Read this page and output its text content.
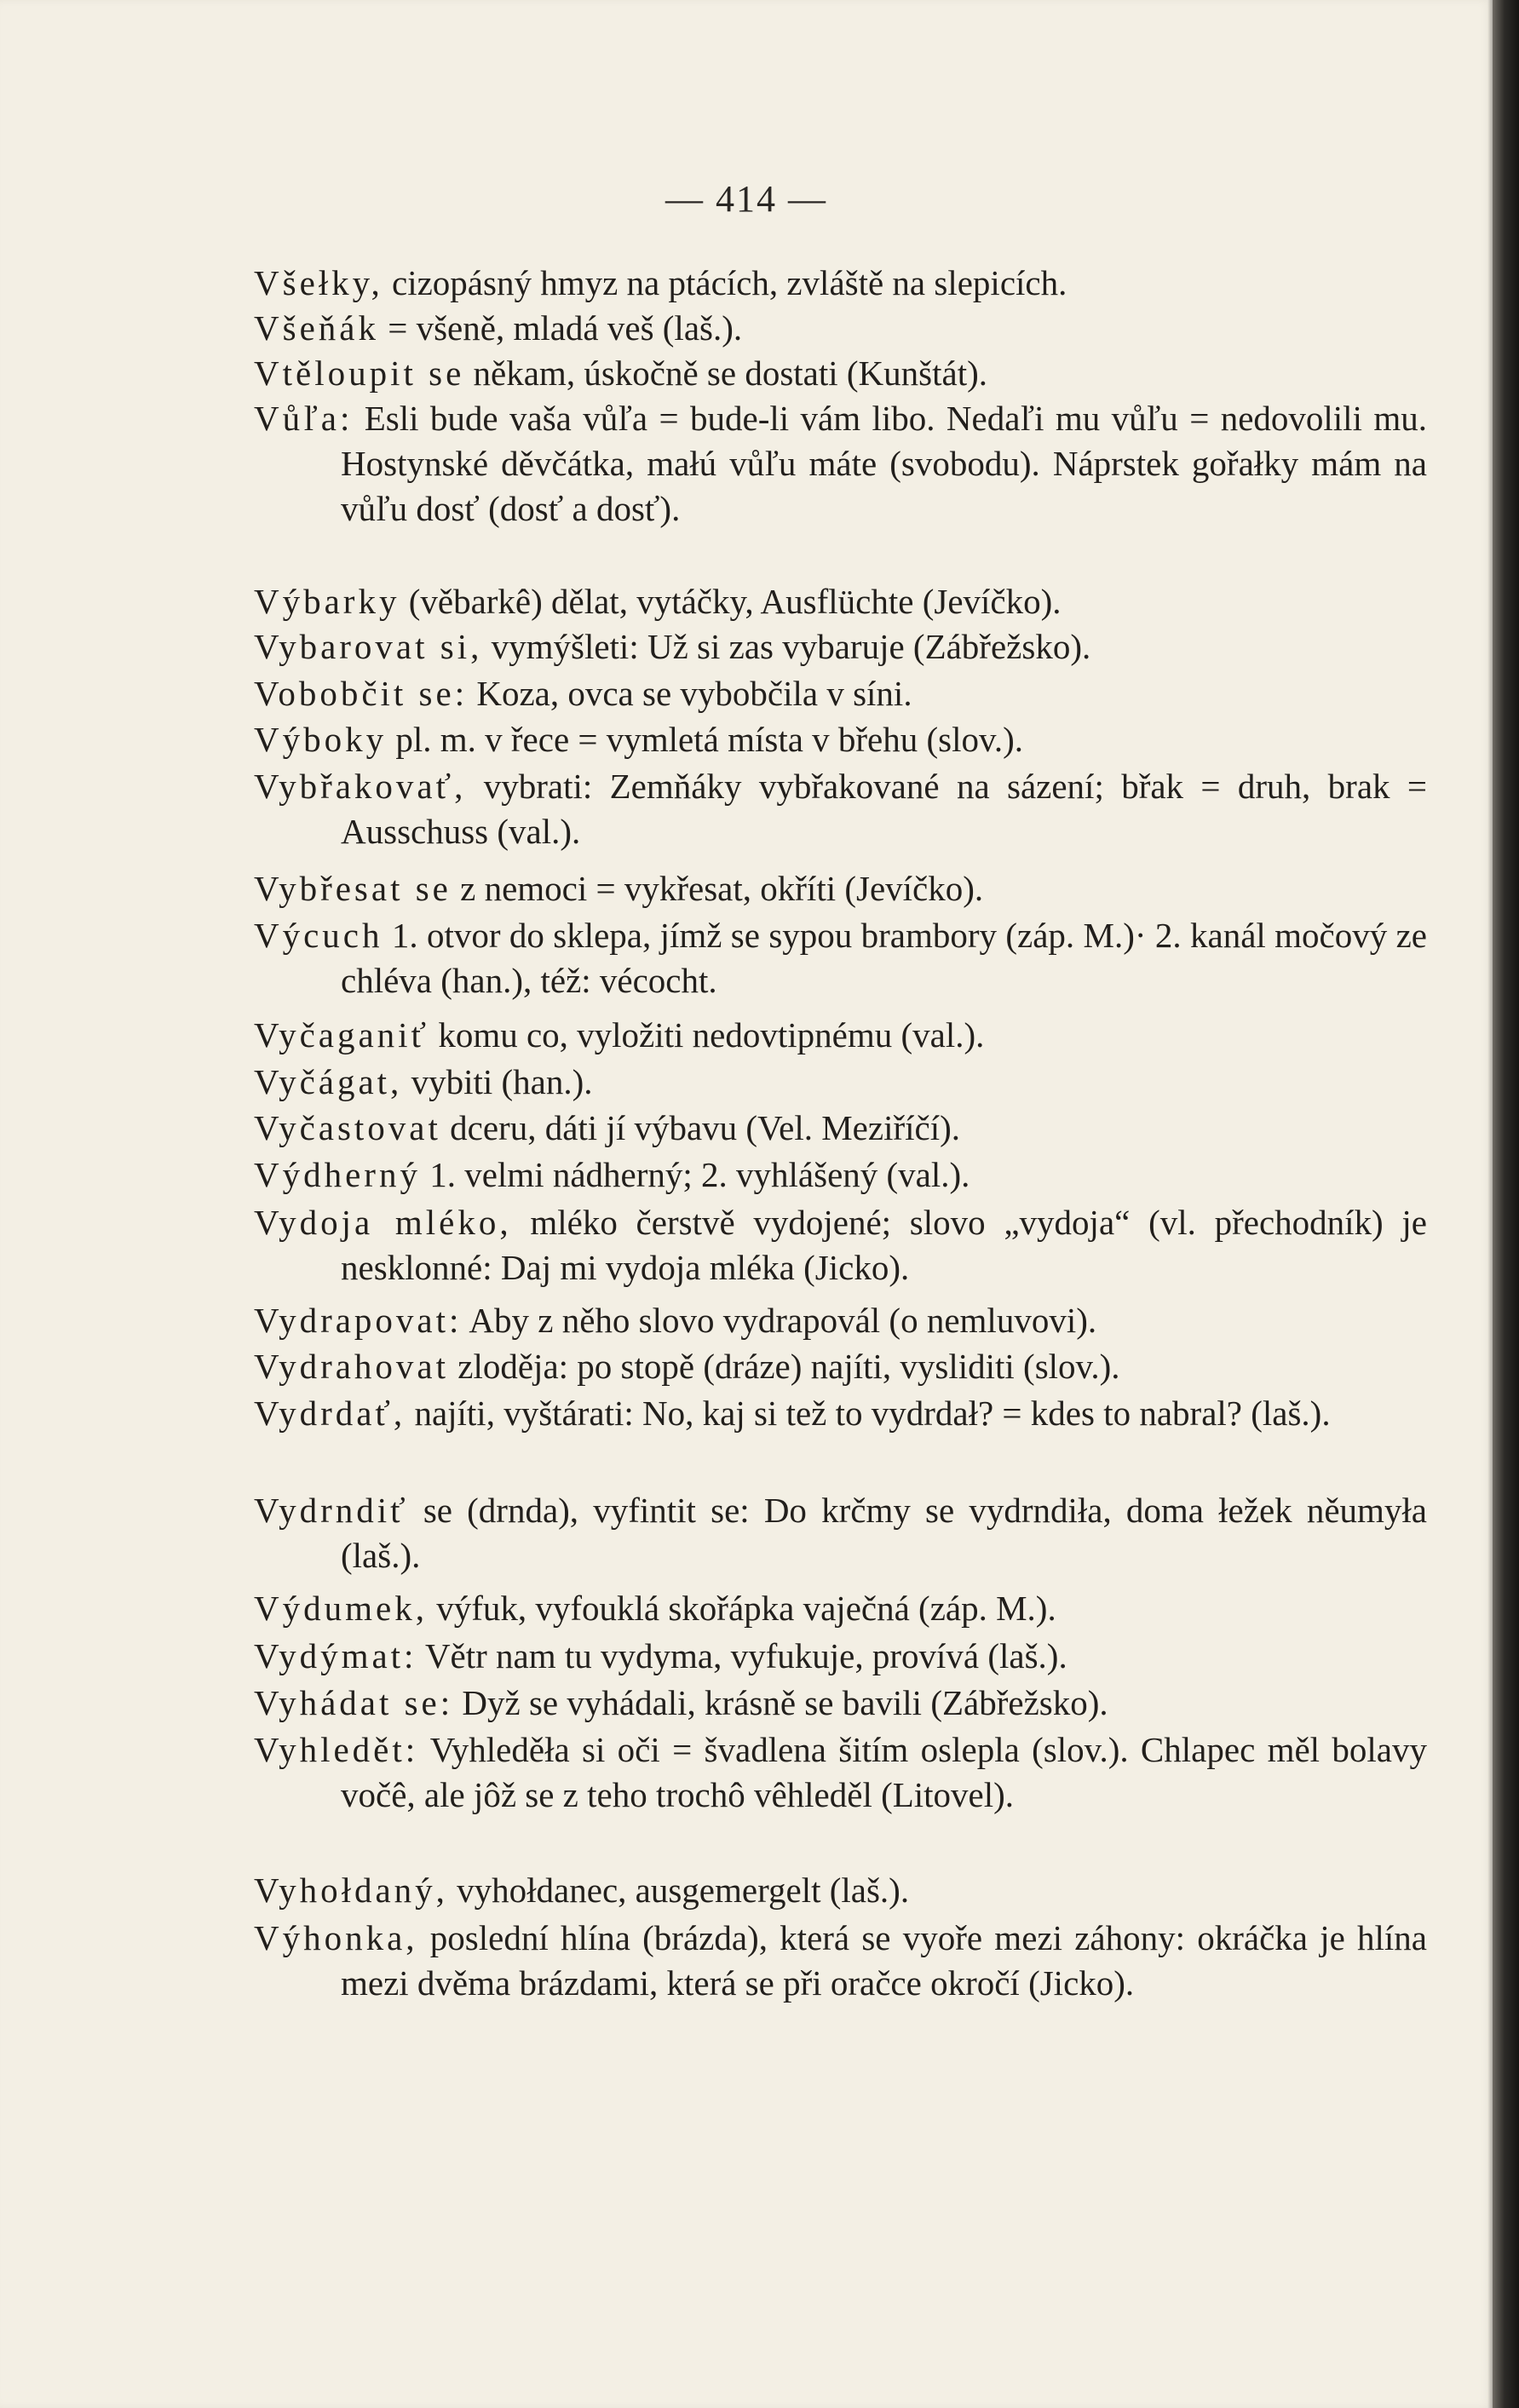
— 414 —
Všełky, cizopásný hmyz na ptácích, zvláště na slepicích.
Všeňák = všeně, mladá veš (laš.).
Vtěloupit se někam, úskočně se dostati (Kunštát).
Vůľa: Esli bude vaša vůľa = bude-li vám libo. Nedaľi mu vůľu = nedovolili mu. Hostynské děvčátka, małú vůľu máte (svobodu). Náprstek gořałky mám na vůľu dosť (dosť a dosť).
Výbarky (věbarkê) dělat, vytáčky, Ausflüchte (Jevíčko).
Vybarovat si, vymýšleti: Už si zas vybaruje (Zábřežsko).
Vobobčit se: Koza, ovca se vybobčila v síni.
Výboky pl. m. v řece = vymletá místa v břehu (slov.).
Vybřakovať, vybrati: Zemňáky vybřakované na sázení; břak = druh, brak = Ausschuss (val.).
Vybřesat se z nemoci = vykřesat, okříti (Jevíčko).
Výcuch 1. otvor do sklepa, jímž se sypou brambory (záp. M.)· 2. kanál močový ze chléva (han.), též: vécocht.
Vyčaganiť komu co, vyložiti nedovtipnému (val.).
Vyčágat, vybiti (han.).
Vyčastovat dceru, dáti jí výbavu (Vel. Meziříčí).
Výdherný 1. velmi nádherný; 2. vyhlášený (val.).
Vydoja mléko, mléko čerstvě vydojené; slovo „vydoja“ (vl. přechodník) je nesklonné: Daj mi vydoja mléka (Jicko).
Vydrapovat: Aby z něho slovo vydrapovál (o nemluvovi).
Vydrahovat zloděja: po stopě (dráze) najíti, vysliditi (slov.).
Vydrdať, najíti, vyštárati: No, kaj si tež to vydrdał? = kdes to nabral? (laš.).
Vydrndiť se (drnda), vyfintit se: Do krčmy se vydrndiła, doma łežek něumyła (laš.).
Výdumek, výfuk, vyfouklá skořápka vaječná (záp. M.).
Vydýmat: Větr nam tu vydyma, vyfukuje, provívá (laš.).
Vyhádat se: Dyž se vyhádali, krásně se bavili (Zábřežsko).
Vyhledět: Vyhleděła si oči = švadlena šitím oslepla (slov.). Chlapec měl bolavy vočê, ale jôž se z teho trochô vêhleděl (Litovel).
Vyhołdaný, vyhołdanec, ausgemergelt (laš.).
Výhonka, poslední hlína (brázda), která se vyoře mezi záhony: okráčka je hlína mezi dvěma brázdami, která se při oračce okročí (Jicko).
